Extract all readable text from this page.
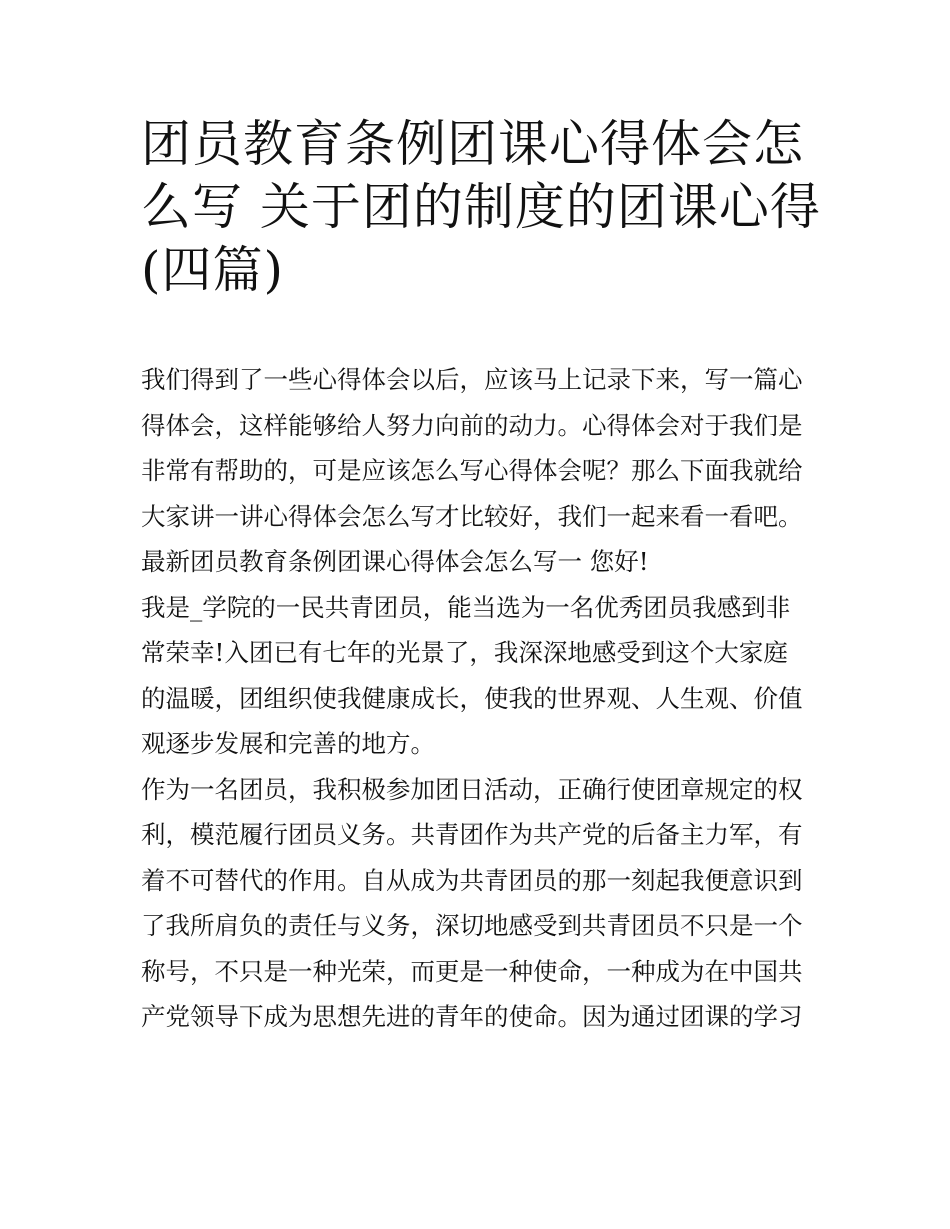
团员教育条例团课心得体会怎
么写 关于团的制度的团课心得
(四篇)

我们得到了一些心得体会以后，应该马上记录下来，写一篇心

得体会，这样能够给人努力向前的动力。心得体会对于我们是

非常有帮助的，可是应该怎么写心得体会呢？那么下面我就给

大家讲一讲心得体会怎么写才比较好，我们一起来看一看吧。

最新团员教育条例团课心得体会怎么写一 您好!

我是_学院的一民共青团员，能当选为一名优秀团员我感到非

常荣幸!入团已有七年的光景了，我深深地感受到这个大家庭

的温暖，团组织使我健康成长，使我的世界观、人生观、价值

观逐步发展和完善的地方。

作为一名团员，我积极参加团日活动，正确行使团章规定的权

利，模范履行团员义务。共青团作为共产党的后备主力军，有

着不可替代的作用。自从成为共青团员的那一刻起我便意识到

了我所肩负的责任与义务，深切地感受到共青团员不只是一个

称号，不只是一种光荣，而更是一种使命，一种成为在中国共

产党领导下成为思想先进的青年的使命。因为通过团课的学习
